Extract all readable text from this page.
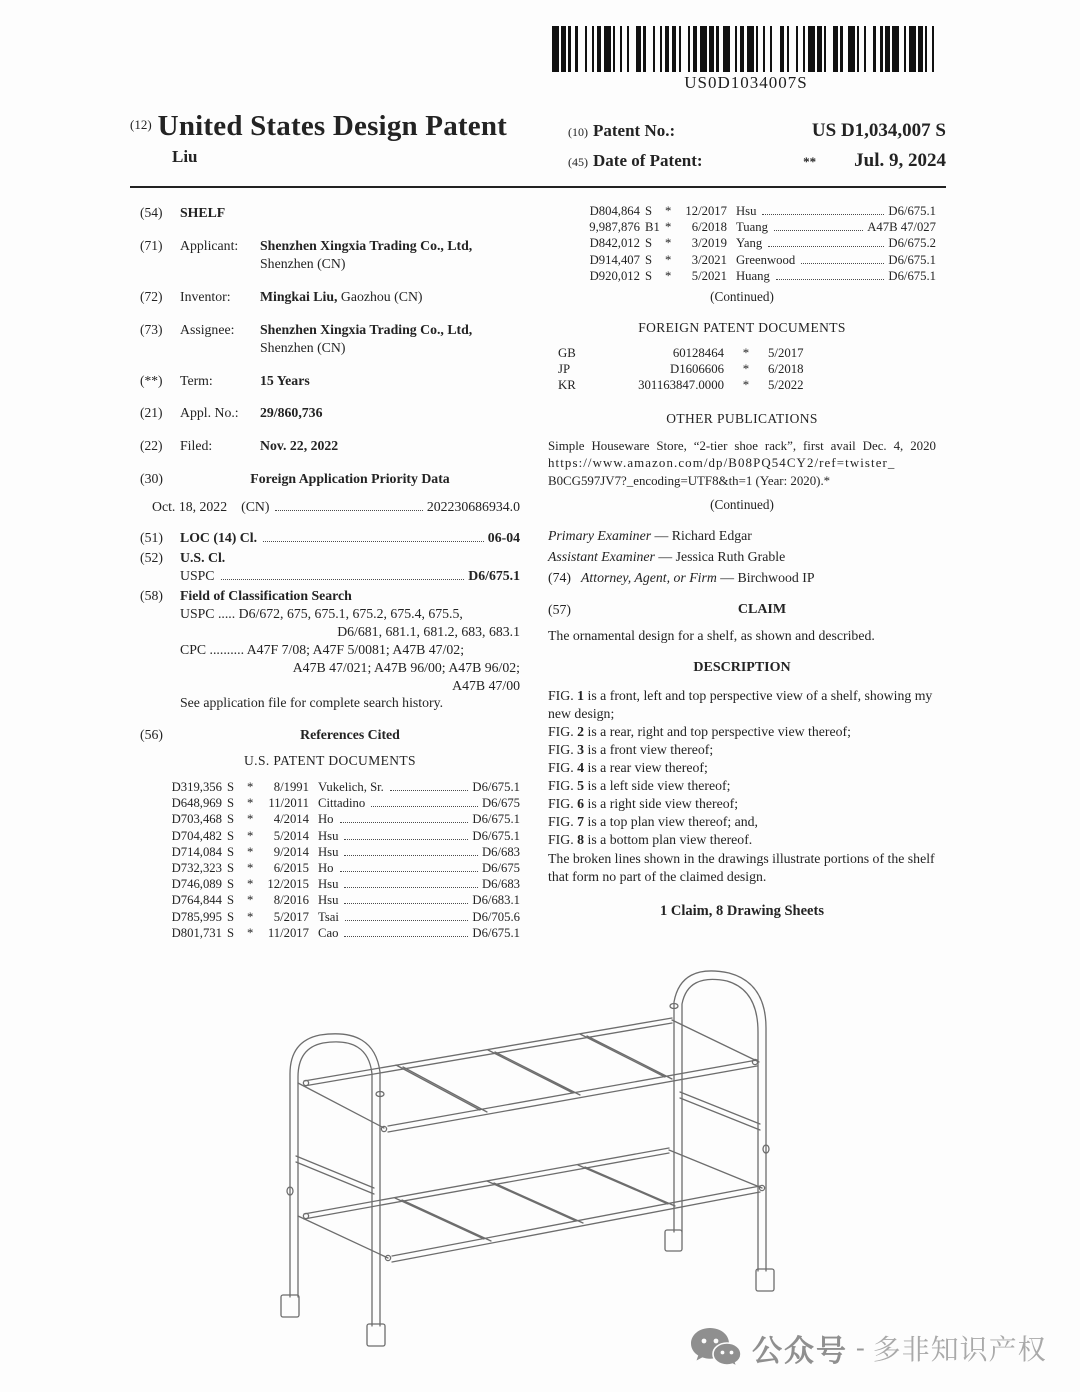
US0D1034007S
$^{(12)}$ United States Design Patent
Liu
(10) Patent No.:	US D1,034,007 S
(45) Date of Patent:	** Jul. 9, 2024
(54)	SHELF
(71)	Applicant:	Shenzhen Xingxia Trading Co., Ltd,
Shenzhen (CN)
(72)	Inventor:	Mingkai Liu, Gaozhou (CN)
(73)	Assignee:	Shenzhen Xingxia Trading Co., Ltd,
Shenzhen (CN)
(**)	Term:	15 Years
(21)	Appl. No.:	29/860,736
(22)	Filed:	Nov. 22, 2022
(30)	Foreign Application Priority Data
Oct. 18, 2022 (CN)	202230686934.0
(51)	LOC (14) Cl.	06-04
(52)	U.S. Cl.
USPC	D6/675.1
(58)	Field of Classification Search
USPC ..... D6/672, 675, 675.1, 675.2, 675.4, 675.5,
D6/681, 681.1, 681.2, 683, 683.1
CPC .......... A47F 7/08; A47F 5/0081; A47B 47/02;
A47B 47/021; A47B 96/00; A47B 96/02;
A47B 47/00
See application file for complete search history.
(56)	References Cited
U.S. PATENT DOCUMENTS
D319,356 S	*	8/1991 Vukelich, Sr.	D6/675.1
D648,969 S	*	11/2011 Cittadino	D6/675
D703,468 S	*	4/2014 Ho	D6/675.1
D704,482 S	*	5/2014 Hsu	D6/675.1
D714,084 S	*	9/2014 Hsu	D6/683
D732,323 S	*	6/2015 Ho	D6/675
D746,089 S	*	12/2015 Hsu	D6/683
D764,844 S	*	8/2016 Hsu	D6/683.1
D785,995 S	*	5/2017 Tsai	D6/705.6
D801,731 S	*	11/2017 Cao	D6/675.1
D804,864 S	*	12/2017 Hsu	D6/675.1
9,987,876 B1 *	6/2018 Tuang	A47B 47/027
D842,012 S	*	3/2019 Yang	D6/675.2
D914,407 S	*	3/2021 Greenwood	D6/675.1
D920,012 S	*	5/2021 Huang	D6/675.1
(Continued)
FOREIGN PATENT DOCUMENTS
GB	60128464	*	5/2017
JP	D1606606	*	6/2018
KR	301163847.0000	*	5/2022
OTHER PUBLICATIONS
Simple Houseware Store, “2-tier shoe rack”, first avail Dec. 4, 2020
https://www.amazon.com/dp/B08PQ54CY2/ref=twister_
B0CG597JV7?_encoding=UTF8&th=1 (Year: 2020).*
(Continued)
Primary Examiner — Richard Edgar
Assistant Examiner — Jessica Ruth Grable
(74) Attorney, Agent, or Firm — Birchwood IP
(57)	CLAIM
The ornamental design for a shelf, as shown and described.
DESCRIPTION
FIG. 1 is a front, left and top perspective view of a shelf, showing my new design;
FIG. 2 is a rear, right and top perspective view thereof;
FIG. 3 is a front view thereof;
FIG. 4 is a rear view thereof;
FIG. 5 is a left side view thereof;
FIG. 6 is a right side view thereof;
FIG. 7 is a top plan view thereof; and,
FIG. 8 is a bottom plan view thereof.
The broken lines shown in the drawings illustrate portions of the shelf that form no part of the claimed design.
1 Claim, 8 Drawing Sheets
公众号 - 多非知识产权
